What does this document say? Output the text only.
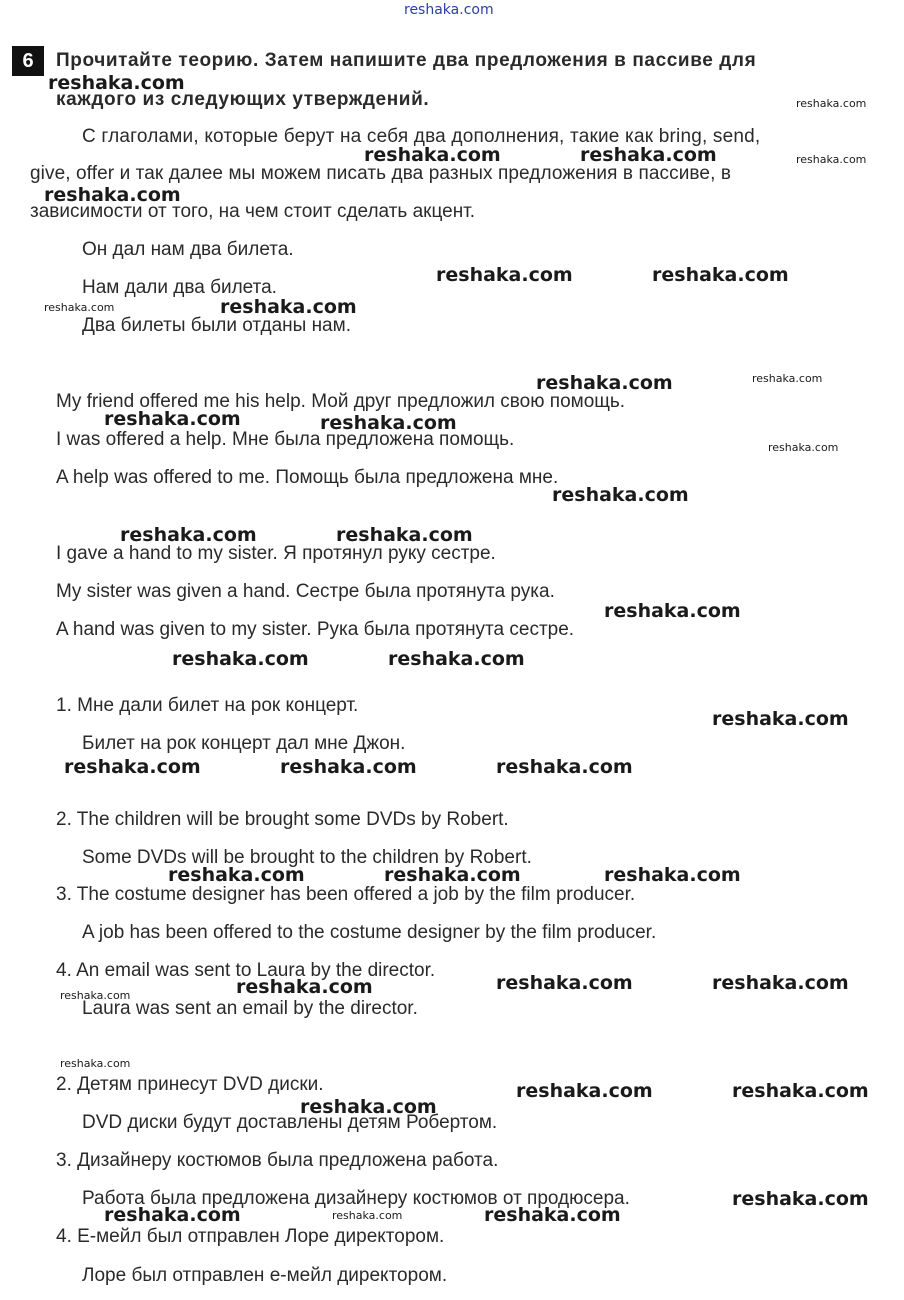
reshaka.com
6	Прочитайте теорию. Затем напишите два предложения в пассиве для
каждого из следующих утверждений.
С глаголами, которые берут на себя два дополнения, такие как bring, send,
give, offer и так далее мы можем писать два разных предложения в пассиве, в
зависимости от того, на чем стоит сделать акцент.
Он дал нам два билета.
Нам дали два билета.
Два билеты были отданы нам.
My friend offered me his help. Мой друг предложил свою помощь.
I was offered a help. Мне была предложена помощь.
A help was offered to me. Помощь была предложена мне.
I gave a hand to my sister. Я протянул руку сестре.
My sister was given a hand. Сестре была протянута рука.
A hand was given to my sister. Рука была протянута сестре.
1. Мне дали билет на рок концерт.
Билет на рок концерт дал мне Джон.
2. The children will be brought some DVDs by Robert.
Some DVDs will be brought to the children by Robert.
3. The costume designer has been offered a job by the film producer.
A job has been offered to the costume designer by the film producer.
4. An email was sent to Laura by the director.
Laura was sent an email by the director.
2. Детям принесут DVD диски.
DVD диски будут доставлены детям Робертом.
3. Дизайнеру костюмов была предложена работа.
Работа была предложена дизайнеру костюмов от продюсера.
4. Е-мейл был отправлен Лоре директором.
Лоре был отправлен е-мейл директором.
reshaka.com
reshaka.com
reshaka.com	reshaka.com	reshaka.com
reshaka.com
reshaka.com	reshaka.com
reshaka.com	reshaka.com
reshaka.com	reshaka.com
reshaka.com	reshaka.com
reshaka.com
reshaka.com
reshaka.com	reshaka.com
reshaka.com
reshaka.com	reshaka.com
reshaka.com
reshaka.com	reshaka.com	reshaka.com
reshaka.com	reshaka.com	reshaka.com
reshaka.com	reshaka.com	reshaka.com
reshaka.com
reshaka.com
reshaka.com	reshaka.com
reshaka.com
reshaka.com
reshaka.com	reshaka.com	reshaka.com
